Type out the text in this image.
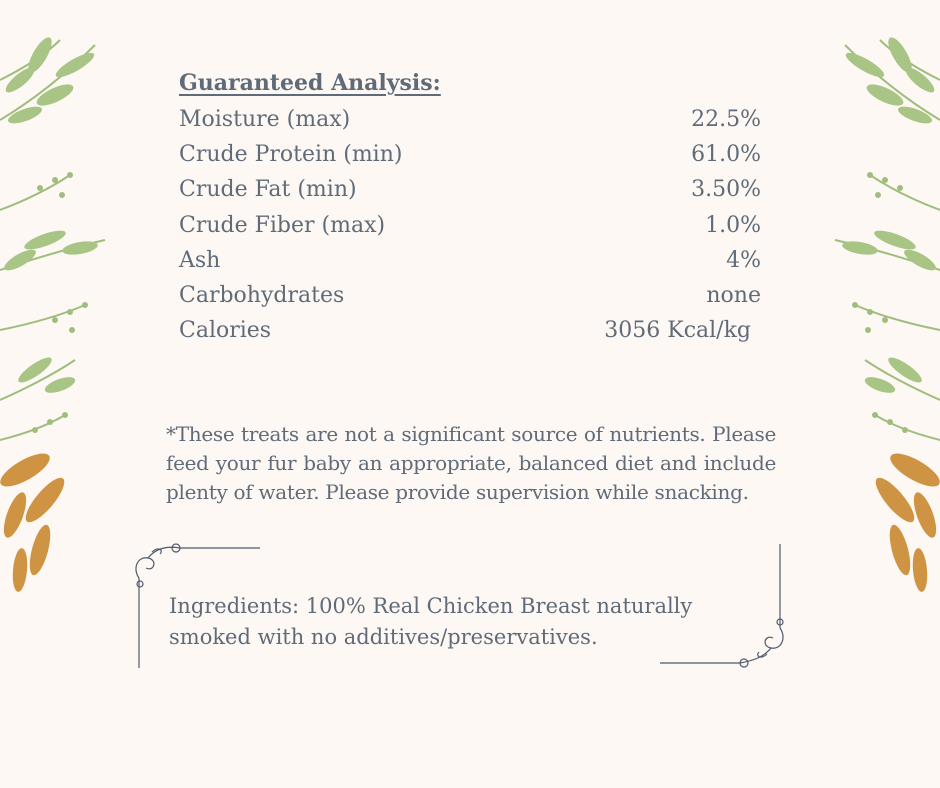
Guaranteed Analysis:
Moisture (max)	22.5%
Crude Protein (min)	61.0%
Crude Fat (min)	3.50%
Crude Fiber (max)	1.0%
Ash	4%
Carbohydrates	none
Calories	3056 Kcal/kg

*These treats are not a significant source of nutrients. Please feed your fur baby an appropriate, balanced diet and include plenty of water. Please provide supervision while snacking.

Ingredients: 100% Real Chicken Breast naturally smoked with no additives/preservatives.
